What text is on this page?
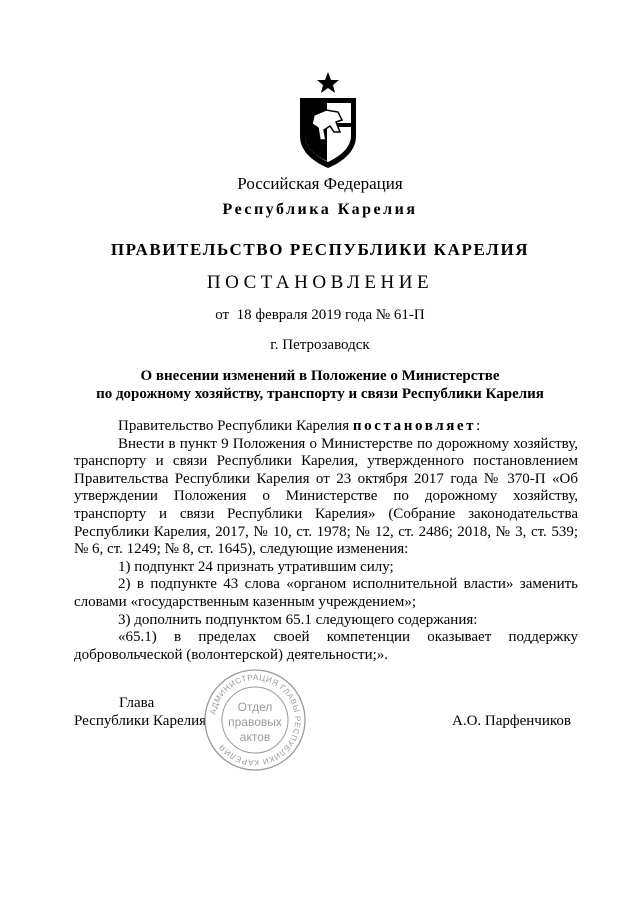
Российская Федерация
Республика Карелия
ПРАВИТЕЛЬСТВО РЕСПУБЛИКИ КАРЕЛИЯ
ПОСТАНОВЛЕНИЕ
от 18 февраля 2019 года № 61-П
г. Петрозаводск
О внесении изменений в Положение о Министерстве
по дорожному хозяйству, транспорту и связи Республики Карелия

Правительство Республики Карелия постановляет:

Внести в пункт 9 Положения о Министерстве по дорожному хозяйству, транспорту и связи Республики Карелия, утвержденного постановлением Правительства Республики Карелия от 23 октября 2017 года № 370-П «Об утверждении Положения о Министерстве по дорожному хозяйству, транспорту и связи Республики Карелия» (Собрание законодательства Республики Карелия, 2017, № 10, ст. 1978; № 12, ст. 2486; 2018, № 3, ст. 539; № 6, ст. 1249; № 8, ст. 1645), следующие изменения:

1) подпункт 24 признать утратившим силу;

2) в подпункте 43 слова «органом исполнительной власти» заменить словами «государственным казенным учреждением»;

3) дополнить подпунктом 65.1 следующего содержания:

«65.1) в пределах своей компетенции оказывает поддержку добровольческой (волонтерской) деятельности;».

Глава
Республики Карелия	А.О. Парфенчиков
АДМИНИСТРАЦИЯ ГЛАВЫ РЕСПУБЛИКИ КАРЕЛИЯ
Отдел
правовых
актов
